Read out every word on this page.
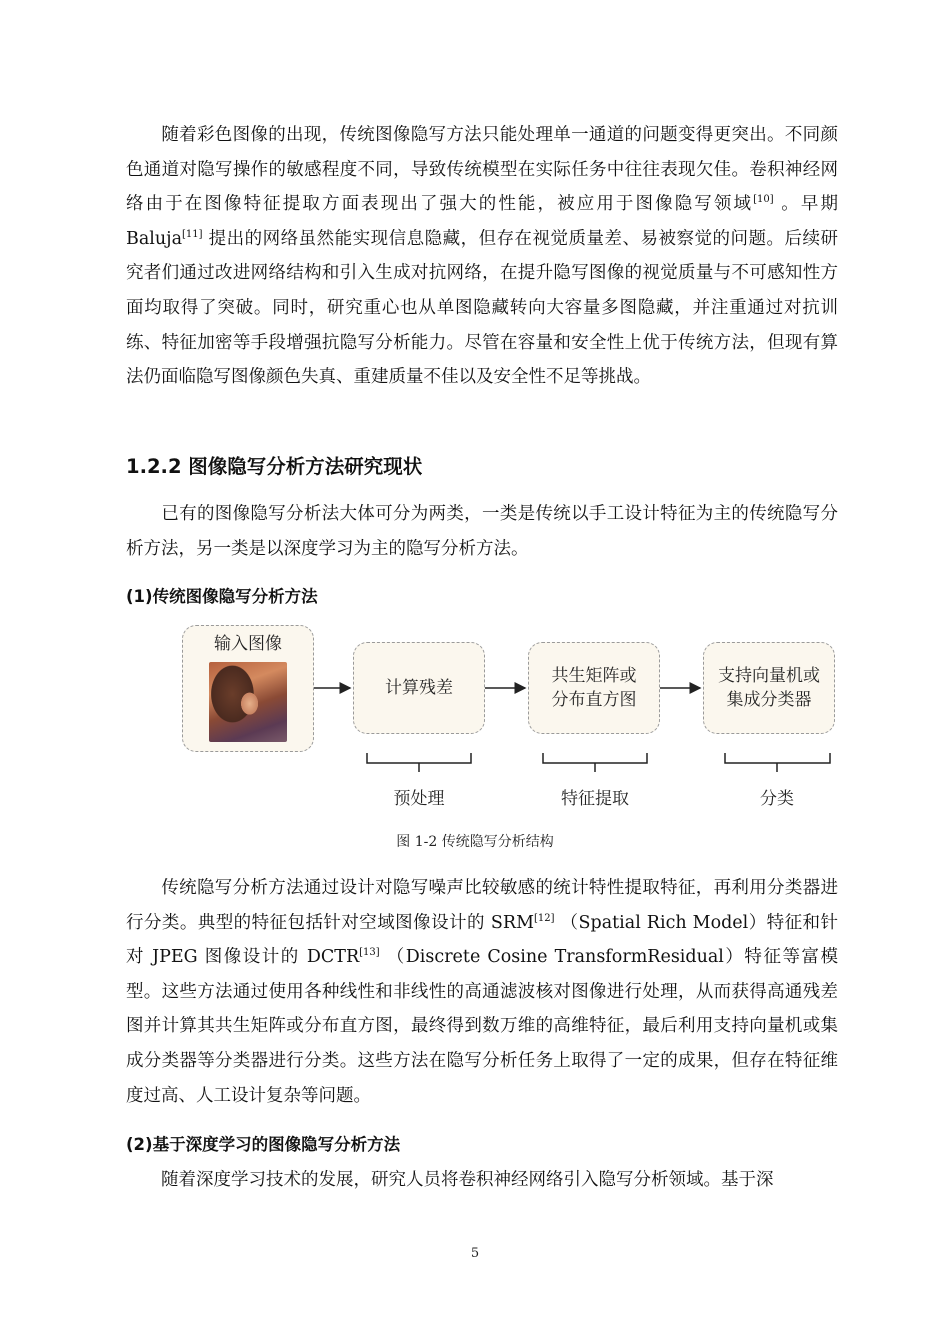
随着彩色图像的出现，传统图像隐写方法只能处理单一通道的问题变得更突出。不同颜色通道对隐写操作的敏感程度不同，导致传统模型在实际任务中往往表现欠佳。卷积神经网络由于在图像特征提取方面表现出了强大的性能，被应用于图像隐写领域[10] 。早期 Baluja[11] 提出的网络虽然能实现信息隐藏，但存在视觉质量差、易被察觉的问题。后续研究者们通过改进网络结构和引入生成对抗网络，在提升隐写图像的视觉质量与不可感知性方面均取得了突破。同时，研究重心也从单图隐藏转向大容量多图隐藏，并注重通过对抗训练、特征加密等手段增强抗隐写分析能力。尽管在容量和安全性上优于传统方法，但现有算法仍面临隐写图像颜色失真、重建质量不佳以及安全性不足等挑战。

1.2.2 图像隐写分析方法研究现状

已有的图像隐写分析法大体可分为两类，一类是传统以手工设计特征为主的传统隐写分析方法，另一类是以深度学习为主的隐写分析方法。

(1)传统图像隐写分析方法
输入图像
计算残差
共生矩阵或
分布直方图
支持向量机或
集成分类器
预处理	特征提取	分类

图 1-2 传统隐写分析结构

传统隐写分析方法通过设计对隐写噪声比较敏感的统计特性提取特征，再利用分类器进行分类。典型的特征包括针对空域图像设计的 SRM[12] （Spatial Rich Model）特征和针对 JPEG 图像设计的 DCTR[13] （Discrete Cosine TransformResidual）特征等富模型。这些方法通过使用各种线性和非线性的高通滤波核对图像进行处理，从而获得高通残差图并计算其共生矩阵或分布直方图，最终得到数万维的高维特征，最后利用支持向量机或集成分类器等分类器进行分类。这些方法在隐写分析任务上取得了一定的成果，但存在特征维度过高、人工设计复杂等问题。

(2)基于深度学习的图像隐写分析方法

随着深度学习技术的发展，研究人员将卷积神经网络引入隐写分析领域。基于深

5
